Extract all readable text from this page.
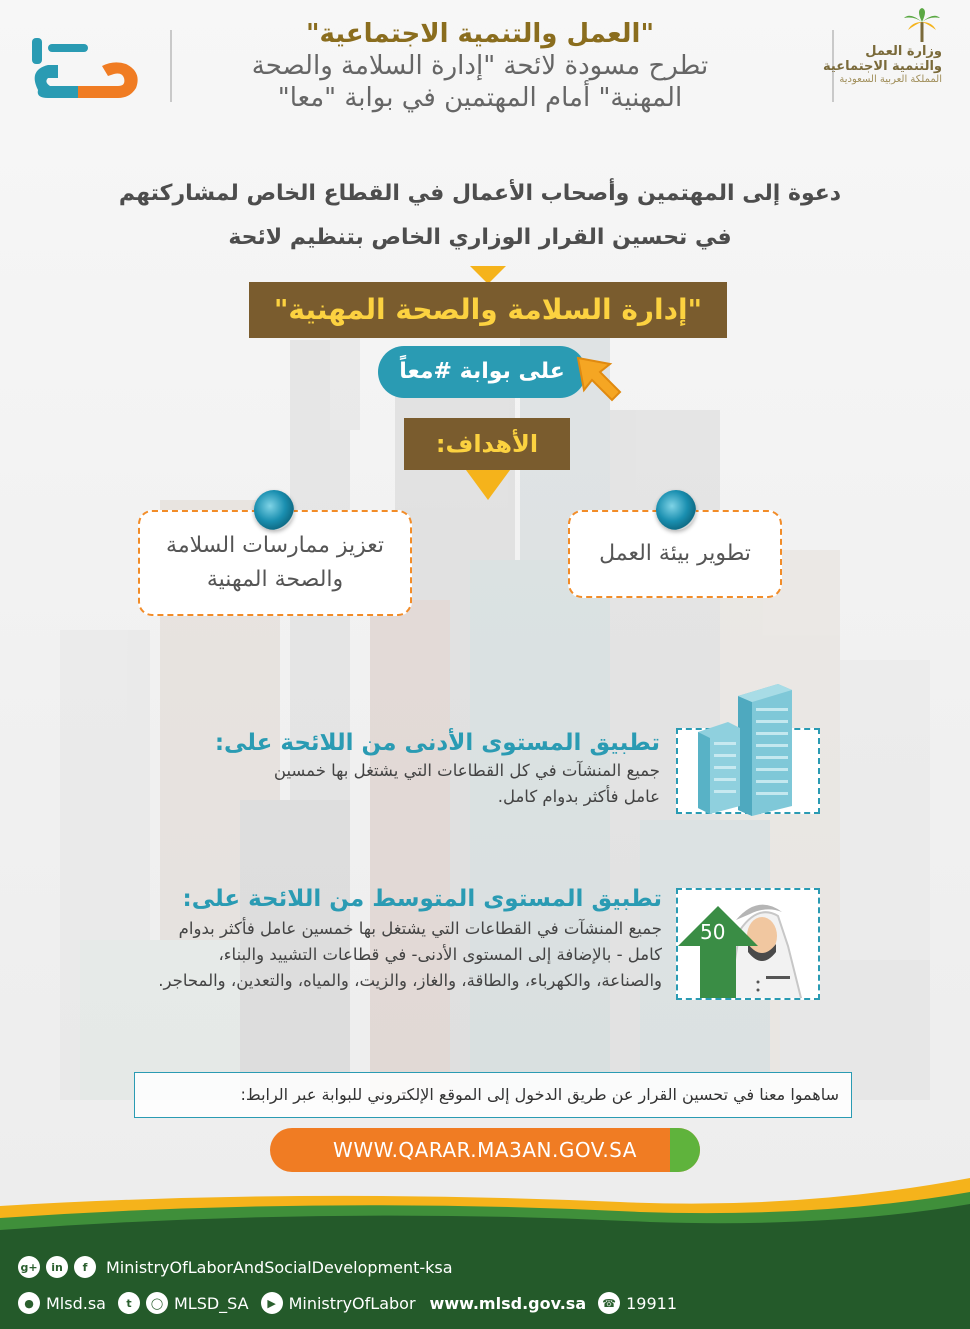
"العمل والتنمية الاجتماعية"
تطرح مسودة لائحة "إدارة السلامة والصحة
المهنية" أمام المهتمين في بوابة "معا"
وزارة العمل
والتنمية الاجتماعية
المملكة العربية السعودية
دعوة إلى المهتمين وأصحاب الأعمال في القطاع الخاص لمشاركتهم
في تحسين القرار الوزاري الخاص بتنظيم لائحة
"إدارة السلامة والصحة المهنية"
على بوابة #معاً
الأهداف:
تعزيز ممارسات السلامة
والصحة المهنية
تطوير بيئة العمل
تطبيق المستوى الأدنى من اللائحة على:
جميع المنشآت في كل القطاعات التي يشتغل بها خمسين
عامل فأكثر بدوام كامل.
50
تطبيق المستوى المتوسط من اللائحة على:
جميع المنشآت في القطاعات التي يشتغل بها خمسين عامل فأكثر بدوام
كامل - بالإضافة إلى المستوى الأدنى- في قطاعات التشييد والبناء،
والصناعة، والكهرباء، والطاقة، والغاز، والزيت، والمياه، والتعدين، والمحاجر.
ساهموا معنا في تحسين القرار عن طريق الدخول إلى الموقع الإلكتروني للبوابة عبر الرابط:
WWW.QARAR.MA3AN.GOV.SA
g+	in	f	MinistryOfLaborAndSocialDevelopment-ksa
● Mlsd.sa	t	◯ MLSD_SA	▶ MinistryOfLabor www.mlsd.gov.sa	☎ 19911
